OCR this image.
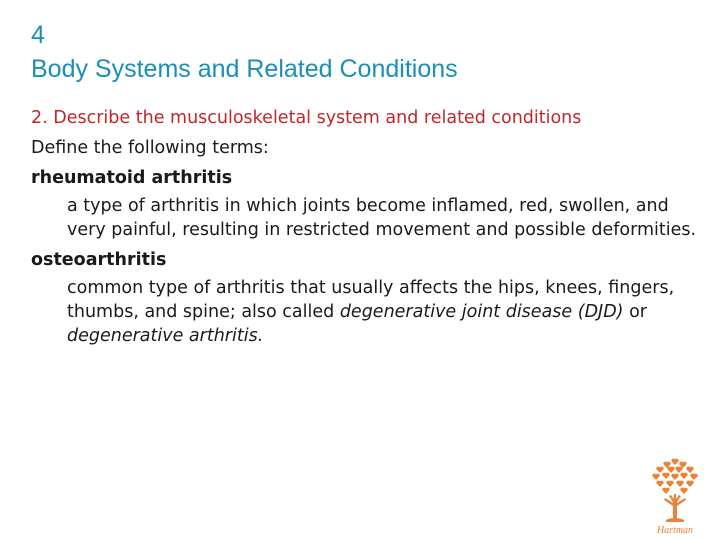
4
Body Systems and Related Conditions
2. Describe the musculoskeletal system and related conditions
Define the following terms:
rheumatoid arthritis
a type of arthritis in which joints become inflamed, red, swollen, and very painful, resulting in restricted movement and possible deformities.
osteoarthritis
common type of arthritis that usually affects the hips, knees, fingers, thumbs, and spine; also called degenerative joint disease (DJD) or degenerative arthritis.
Hartman
